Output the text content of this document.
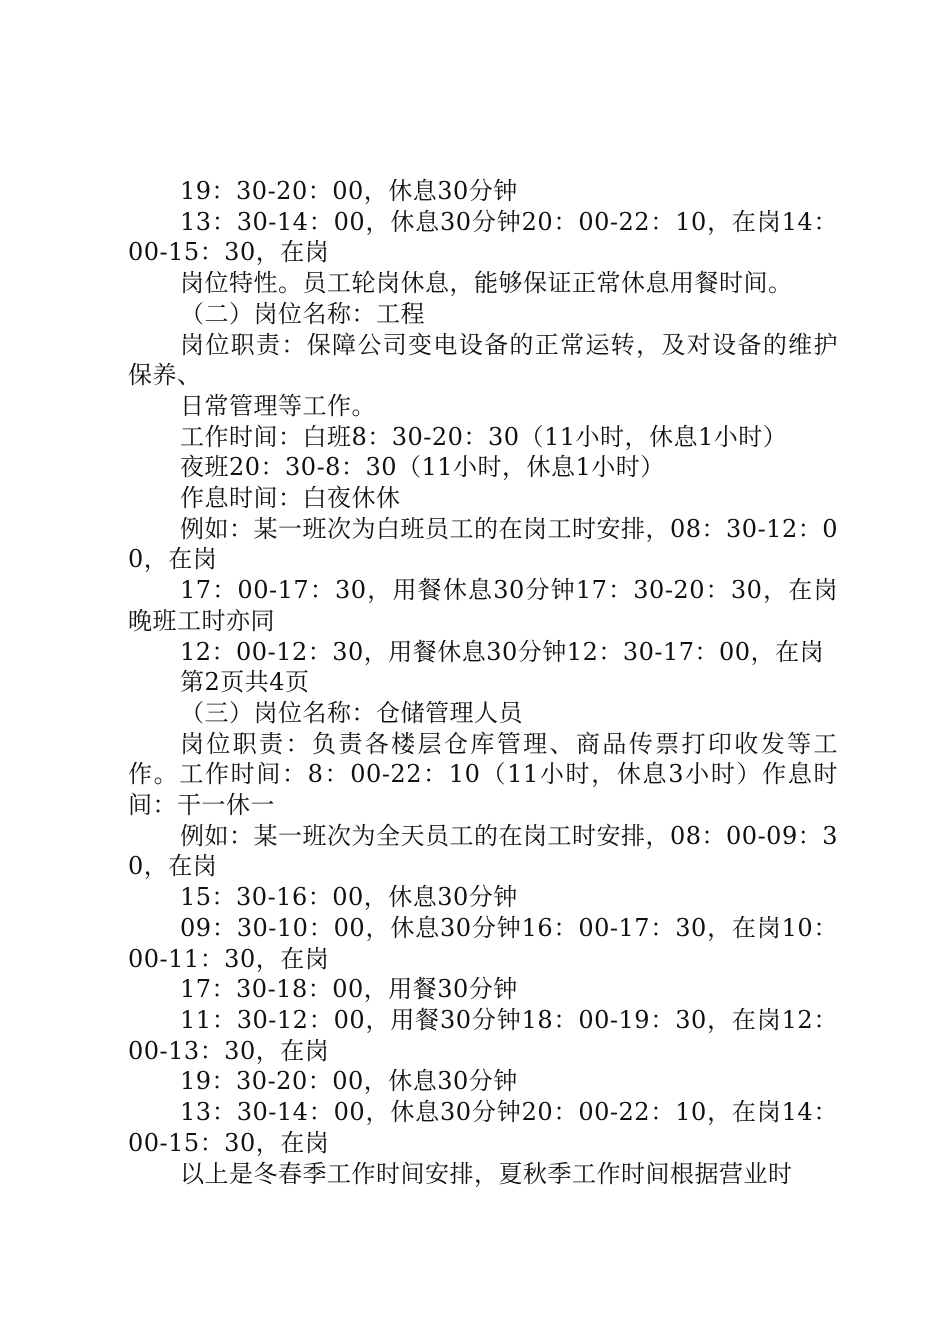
19：30-20：00，休息30分钟

13：30-14：00，休息30分钟20：00-22：10，在岗14：00-15：30，在岗

岗位特性。员工轮岗休息，能够保证正常休息用餐时间。

（二）岗位名称：工程

岗位职责：保障公司变电设备的正常运转，及对设备的维护保养、

日常管理等工作。

工作时间：白班8：30-20：30（11小时，休息1小时）

夜班20：30-8：30（11小时，休息1小时）

作息时间：白夜休休

例如：某一班次为白班员工的在岗工时安排，08：30-12：00，在岗

17：00-17：30，用餐休息30分钟17：30-20：30，在岗晚班工时亦同

12：00-12：30，用餐休息30分钟12：30-17：00，在岗

第2页共4页

（三）岗位名称：仓储管理人员

岗位职责：负责各楼层仓库管理、商品传票打印收发等工作。工作时间：8：00-22：10（11小时，休息3小时）作息时间：干一休一

例如：某一班次为全天员工的在岗工时安排，08：00-09：30，在岗

15：30-16：00，休息30分钟

09：30-10：00，休息30分钟16：00-17：30，在岗10：00-11：30，在岗

17：30-18：00，用餐30分钟

11：30-12：00，用餐30分钟18：00-19：30，在岗12：00-13：30，在岗

19：30-20：00，休息30分钟

13：30-14：00，休息30分钟20：00-22：10，在岗14：00-15：30，在岗

以上是冬春季工作时间安排，夏秋季工作时间根据营业时
